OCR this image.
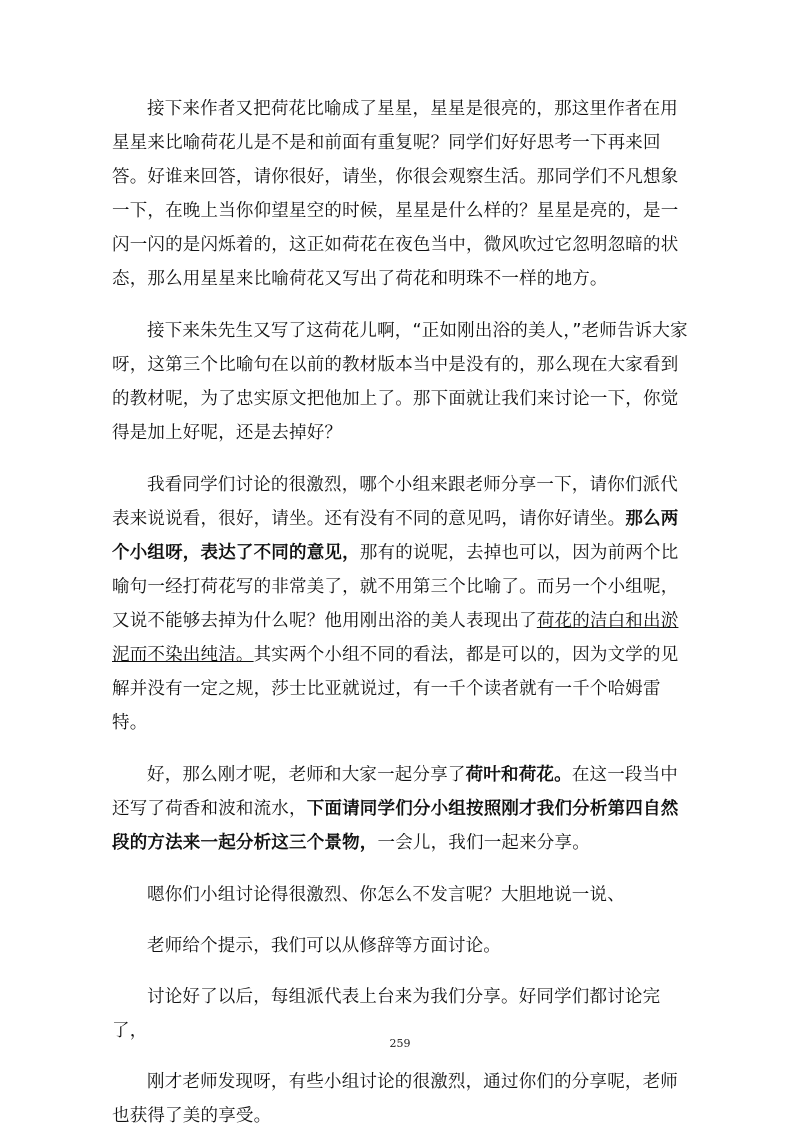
接下来作者又把荷花比喻成了星星，星星是很亮的，那这里作者在用星星来比喻荷花儿是不是和前面有重复呢？同学们好好思考一下再来回答。好谁来回答，请你很好，请坐，你很会观察生活。那同学们不凡想象一下，在晚上当你仰望星空的时候，星星是什么样的？星星是亮的，是一闪一闪的是闪烁着的，这正如荷花在夜色当中，微风吹过它忽明忽暗的状态，那么用星星来比喻荷花又写出了荷花和明珠不一样的地方。

接下来朱先生又写了这荷花儿啊，“正如刚出浴的美人，”老师告诉大家呀，这第三个比喻句在以前的教材版本当中是没有的，那么现在大家看到的教材呢，为了忠实原文把他加上了。那下面就让我们来讨论一下，你觉得是加上好呢，还是去掉好？

我看同学们讨论的很激烈，哪个小组来跟老师分享一下，请你们派代表来说说看，很好，请坐。还有没有不同的意见吗，请你好请坐。那么两个小组呀，表达了不同的意见，那有的说呢，去掉也可以，因为前两个比喻句一经打荷花写的非常美了，就不用第三个比喻了。而另一个小组呢，又说不能够去掉为什么呢？他用刚出浴的美人表现出了荷花的洁白和出淤泥而不染出纯洁。其实两个小组不同的看法，都是可以的，因为文学的见解并没有一定之规，莎士比亚就说过，有一千个读者就有一千个哈姆雷特。

好，那么刚才呢，老师和大家一起分享了荷叶和荷花。在这一段当中还写了荷香和波和流水，下面请同学们分小组按照刚才我们分析第四自然段的方法来一起分析这三个景物，一会儿，我们一起来分享。

嗯你们小组讨论得很激烈、你怎么不发言呢？大胆地说一说、

老师给个提示，我们可以从修辞等方面讨论。

讨论好了以后，每组派代表上台来为我们分享。好同学们都讨论完了，

刚才老师发现呀，有些小组讨论的很激烈，通过你们的分享呢，老师也获得了美的享受。

259
